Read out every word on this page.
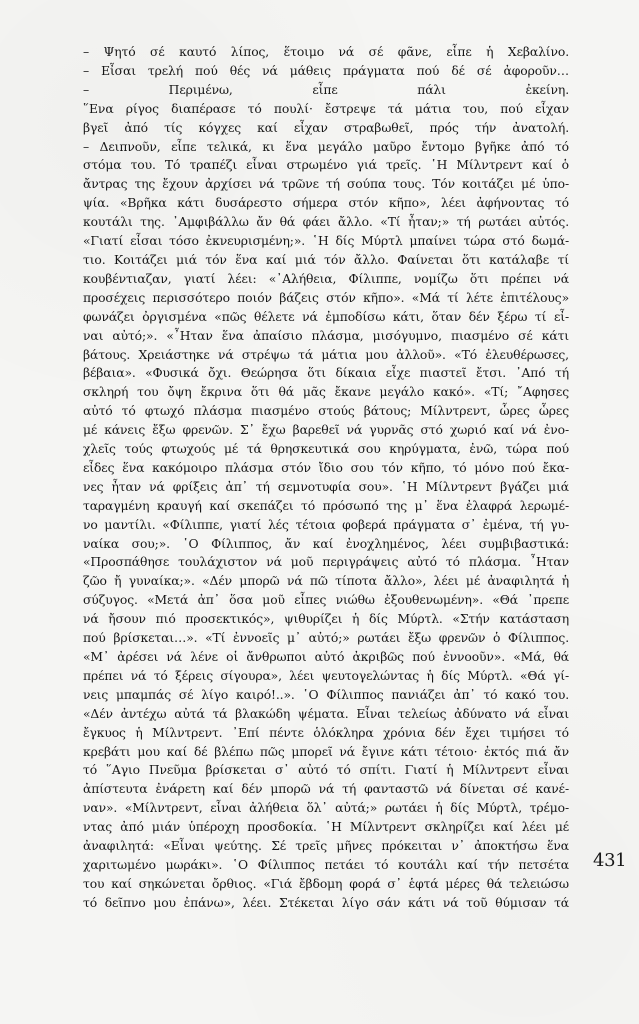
– Ψητό σέ καυτό λίπος, ἕτοιμο νά σέ φᾶνε, εἶπε ἡ Χεβαλίνο.
– Εἶσαι τρελή πού θές νά μάθεις πράγματα πού δέ σέ ἀφοροῦν…
– Περιμένω, εἶπε πάλι ἐκείνη.
῞Ενα ρίγος διαπέρασε τό πουλί· ἔστρεψε τά μάτια του, πού εἶχαν
βγεῖ ἀπό τίς κόγχες καί εἶχαν στραβωθεῖ, πρός τήν ἀνατολή.
– Δειπνοῦν, εἶπε τελικά, κι ἕνα μεγάλο μαῦρο ἔντομο βγῆκε ἀπό τό
στόμα του. Τό τραπέζι εἶναι στρωμένο γιά τρεῖς. ῾Η Μίλντρεντ καί ὁ
ἄντρας της ἔχουν ἀρχίσει νά τρῶνε τή σούπα τους. Τόν κοιτάζει μέ ὑπο-
ψία. «Βρῆκα κάτι δυσάρεστο σήμερα στόν κῆπο», λέει ἀφήνοντας τό
κουτάλι της. ᾿Αμφιβάλλω ἄν θά φάει ἄλλο. «Τί ἦταν;» τή ρωτάει αὐτός.
«Γιατί εἶσαι τόσο ἐκνευρισμένη;». ῾Η δίς Μύρτλ μπαίνει τώρα στό δωμά-
τιο. Κοιτάζει μιά τόν ἕνα καί μιά τόν ἄλλο. Φαίνεται ὅτι κατάλαβε τί
κουβέντιαζαν, γιατί λέει: «᾿Αλήθεια, Φίλιππε, νομίζω ὅτι πρέπει νά
προσέχεις περισσότερο ποιόν βάζεις στόν κῆπο». «Μά τί λέτε ἐπιτέλους»
φωνάζει ὀργισμένα «πῶς θέλετε νά ἐμποδίσω κάτι, ὅταν δέν ξέρω τί εἶ-
ναι αὐτό;». «῏Ηταν ἕνα ἀπαίσιο πλάσμα, μισόγυμνο, πιασμένο σέ κάτι
βάτους. Χρειάστηκε νά στρέψω τά μάτια μου ἀλλοῦ». «Τό ἐλευθέρωσες,
βέβαια». «Φυσικά ὄχι. Θεώρησα ὅτι δίκαια εἶχε πιαστεῖ ἔτσι. ᾿Από τή
σκληρή του ὄψη ἔκρινα ὅτι θά μᾶς ἔκανε μεγάλο κακό». «Τί; ῎Αφησες
αὐτό τό φτωχό πλάσμα πιασμένο στούς βάτους; Μίλντρεντ, ὧρες ὧρες
μέ κάνεις ἔξω φρενῶν. Σ᾿ ἔχω βαρεθεῖ νά γυρνᾶς στό χωριό καί νά ἐνο-
χλεῖς τούς φτωχούς μέ τά θρησκευτικά σου κηρύγματα, ἐνῶ, τώρα πού
εἶδες ἕνα κακόμοιρο πλάσμα στόν ἴδιο σου τόν κῆπο, τό μόνο πού ἔκα-
νες ἦταν νά φρίξεις ἀπ᾿ τή σεμνοτυφία σου». ῾Η Μίλντρεντ βγάζει μιά
ταραγμένη κραυγή καί σκεπάζει τό πρόσωπό της μ᾿ ἕνα ἐλαφρά λερωμέ-
νο μαντίλι. «Φίλιππε, γιατί λές τέτοια φοβερά πράγματα σ᾿ ἐμένα, τή γυ-
ναίκα σου;». ῾Ο Φίλιππος, ἄν καί ἐνοχλημένος, λέει συμβιβαστικά:
«Προσπάθησε τουλάχιστον νά μοῦ περιγράψεις αὐτό τό πλάσμα. ῏Ηταν
ζῶο ἤ γυναίκα;». «Δέν μπορῶ νά πῶ τίποτα ἄλλο», λέει μέ ἀναφιλητά ἡ
σύζυγος. «Μετά ἀπ᾿ ὅσα μοῦ εἶπες νιώθω ἐξουθενωμένη». «Θά ᾿πρεπε
νά ἤσουν πιό προσεκτικός», ψιθυρίζει ἡ δίς Μύρτλ. «Στήν κατάσταση
πού βρίσκεται…». «Τί ἐννοεῖς μ᾿ αὐτό;» ρωτάει ἔξω φρενῶν ὁ Φίλιππος.
«Μ᾿ ἀρέσει νά λένε οἱ ἄνθρωποι αὐτό ἀκριβῶς πού ἐννοοῦν». «Μά, θά
πρέπει νά τό ξέρεις σίγουρα», λέει ψευτογελώντας ἡ δίς Μύρτλ. «Θά γί-
νεις μπαμπάς σέ λίγο καιρό!..». ῾Ο Φίλιππος πανιάζει ἀπ᾿ τό κακό του.
«Δέν ἀντέχω αὐτά τά βλακώδη ψέματα. Εἶναι τελείως ἀδύνατο νά εἶναι
ἔγκυος ἡ Μίλντρεντ. ᾿Επί πέντε ὁλόκληρα χρόνια δέν ἔχει τιμήσει τό
κρεβάτι μου καί δέ βλέπω πῶς μπορεῖ νά ἔγινε κάτι τέτοιο· ἐκτός πιά ἄν
τό ῞Αγιο Πνεῦμα βρίσκεται σ᾿ αὐτό τό σπίτι. Γιατί ἡ Μίλντρεντ εἶναι
ἀπίστευτα ἐνάρετη καί δέν μπορῶ νά τή φανταστῶ νά δίνεται σέ κανέ-
ναν». «Μίλντρεντ, εἶναι ἀλήθεια ὅλ᾿ αὐτά;» ρωτάει ἡ δίς Μύρτλ, τρέμο-
ντας ἀπό μιάν ὑπέροχη προσδοκία. ῾Η Μίλντρεντ σκληρίζει καί λέει μέ
ἀναφιλητά: «Εἶναι ψεύτης. Σέ τρεῖς μῆνες πρόκειται ν᾿ ἀποκτήσω ἕνα
χαριτωμένο μωράκι». ῾Ο Φίλιππος πετάει τό κουτάλι καί τήν πετσέτα
του καί σηκώνεται ὄρθιος. «Γιά ἔβδομη φορά σ᾿ ἑφτά μέρες θά τελειώσω
τό δεῖπνο μου ἐπάνω», λέει. Στέκεται λίγο σάν κάτι νά τοῦ θύμισαν τά
431
